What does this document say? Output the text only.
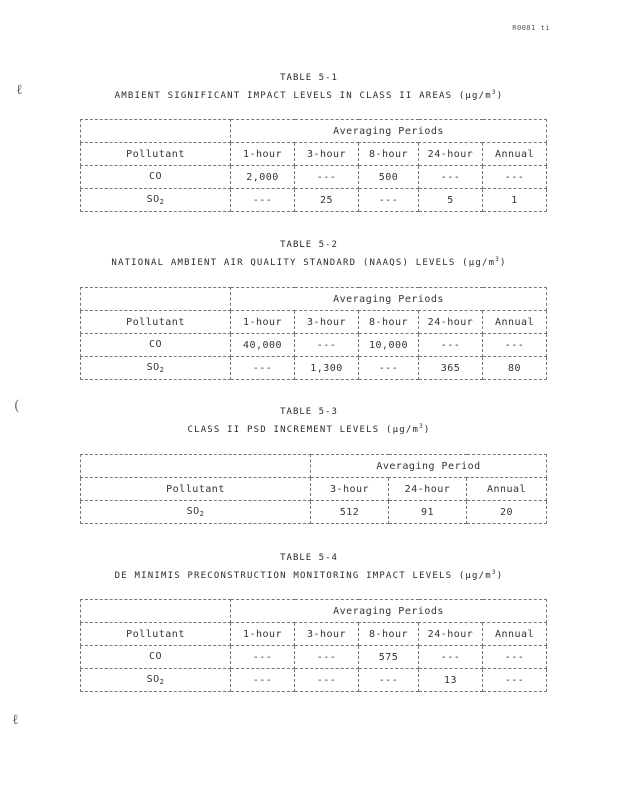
R0081 ti
ℓ
(
ℓ
TABLE 5-1
AMBIENT SIGNIFICANT IMPACT LEVELS IN CLASS II AREAS $(\mu g/m^3)$
	Averaging Periods				
Pollutant	1-hour	3-hour	8-hour	24-hour	Annual
CO	2,000	---	500	---	---
$SO_2$	---	25	---	5	1
TABLE 5-2
NATIONAL AMBIENT AIR QUALITY STANDARD (NAAQS) LEVELS $(\mu g/m^3)$
	Averaging Periods				
Pollutant	1-hour	3-hour	8-hour	24-hour	Annual
CO	40,000	---	10,000	---	---
$SO_2$	---	1,300	---	365	80
TABLE 5-3
CLASS II PSD INCREMENT LEVELS $(\mu g/m^3)$
	Averaging Period		
Pollutant	3-hour	24-hour	Annual
$SO_2$	512	91	20
TABLE 5-4
DE MINIMIS PRECONSTRUCTION MONITORING IMPACT LEVELS $(\mu g/m^3)$
	Averaging Periods				
Pollutant	1-hour	3-hour	8-hour	24-hour	Annual
CO	---	---	575	---	---
$SO_2$	---	---	---	13	---
